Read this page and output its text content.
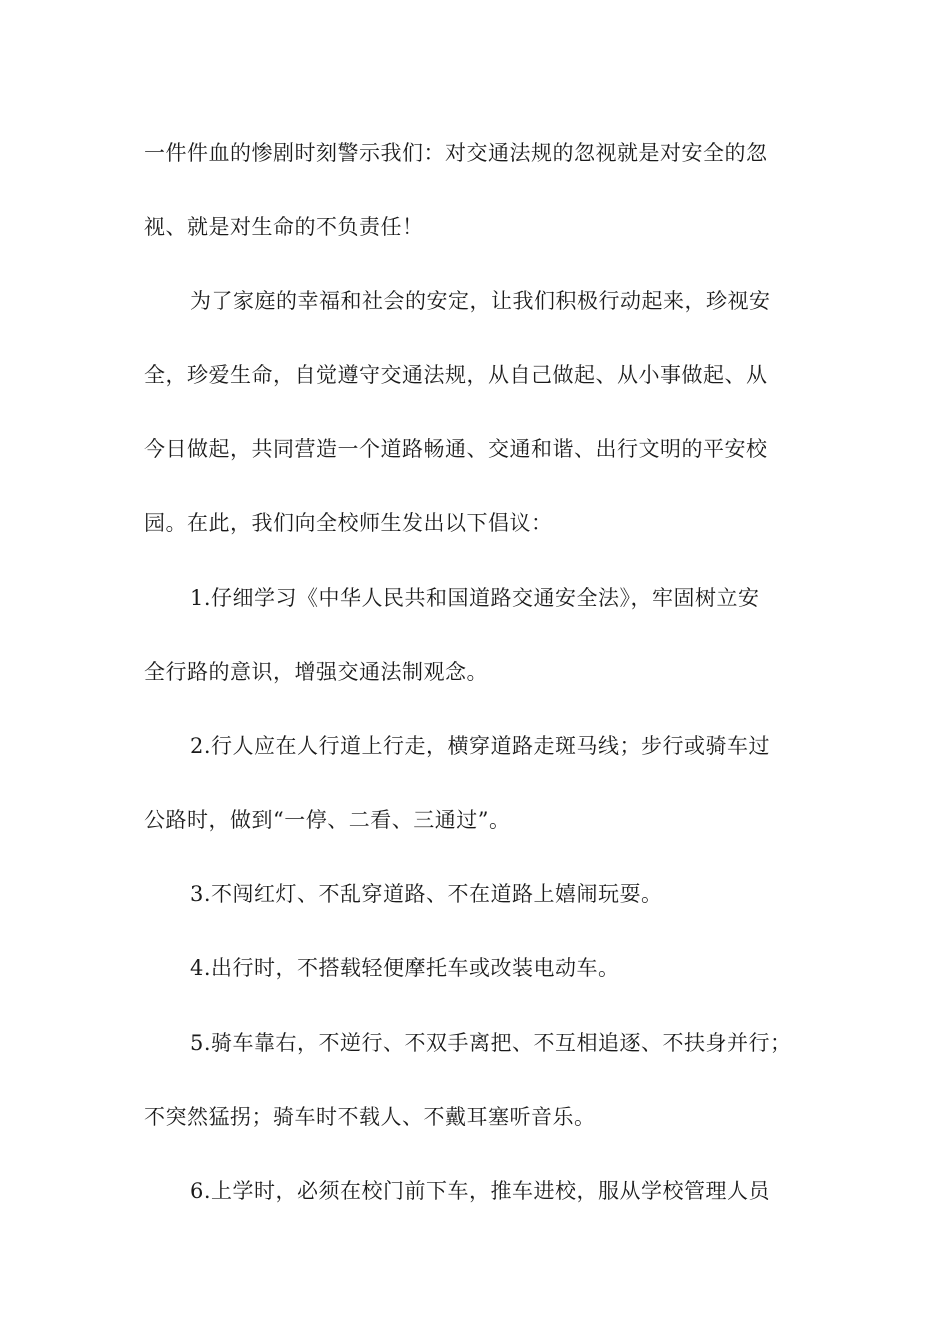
一件件血的惨剧时刻警示我们：对交通法规的忽视就是对安全的忽
视、就是对生命的不负责任！
为了家庭的幸福和社会的安定，让我们积极行动起来，珍视安
全，珍爱生命，自觉遵守交通法规，从自己做起、从小事做起、从
今日做起，共同营造一个道路畅通、交通和谐、出行文明的平安校
园。在此，我们向全校师生发出以下倡议：
1.仔细学习《中华人民共和国道路交通安全法》，牢固树立安
全行路的意识，增强交通法制观念。
2.行人应在人行道上行走，横穿道路走斑马线；步行或骑车过
公路时，做到“一停、二看、三通过”。
3.不闯红灯、不乱穿道路、不在道路上嬉闹玩耍。
4.出行时，不搭载轻便摩托车或改装电动车。
5.骑车靠右，不逆行、不双手离把、不互相追逐、不扶身并行；
不突然猛拐；骑车时不载人、不戴耳塞听音乐。
6.上学时，必须在校门前下车，推车进校，服从学校管理人员
